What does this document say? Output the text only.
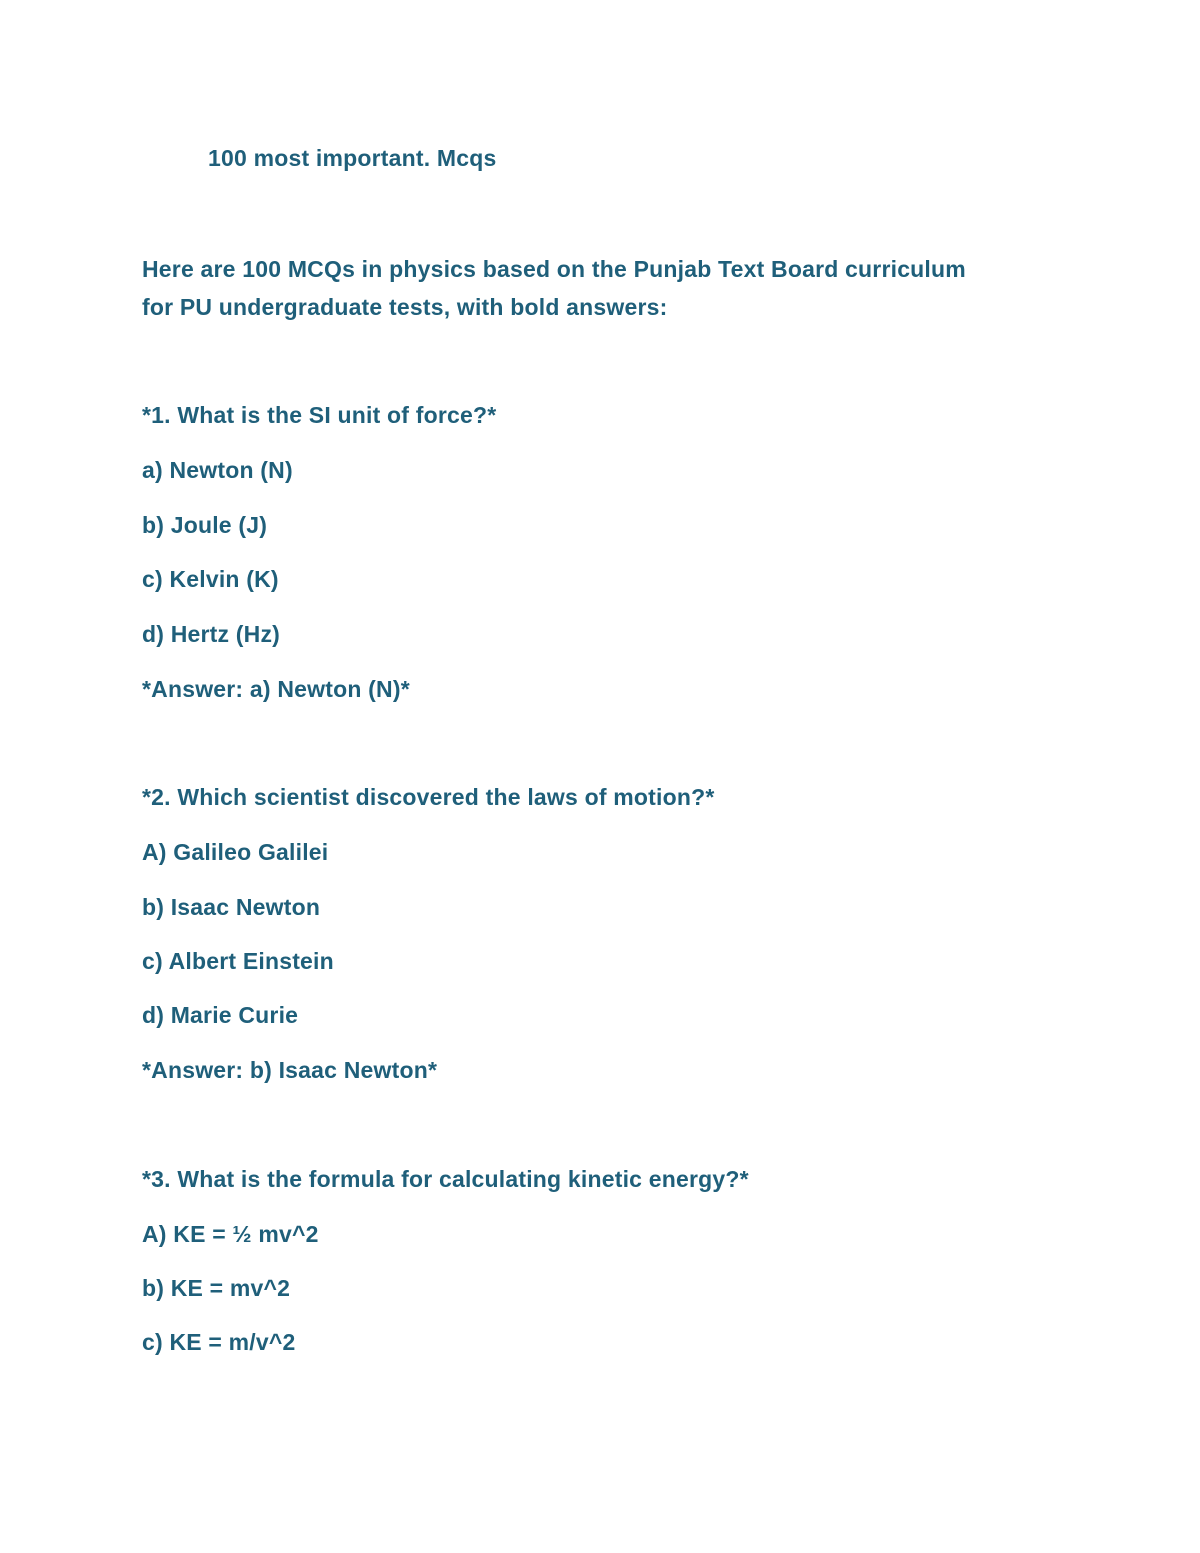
100 most important. Mcqs
Here are 100 MCQs in physics based on the Punjab Text Board curriculum
for PU undergraduate tests, with bold answers:
*1. What is the SI unit of force?*
a) Newton (N)
b) Joule (J)
c) Kelvin (K)
d) Hertz (Hz)
*Answer: a) Newton (N)*
*2. Which scientist discovered the laws of motion?*
A) Galileo Galilei
b) Isaac Newton
c) Albert Einstein
d) Marie Curie
*Answer: b) Isaac Newton*
*3. What is the formula for calculating kinetic energy?*
A) KE = ½ mv^2
b) KE = mv^2
c) KE = m/v^2
